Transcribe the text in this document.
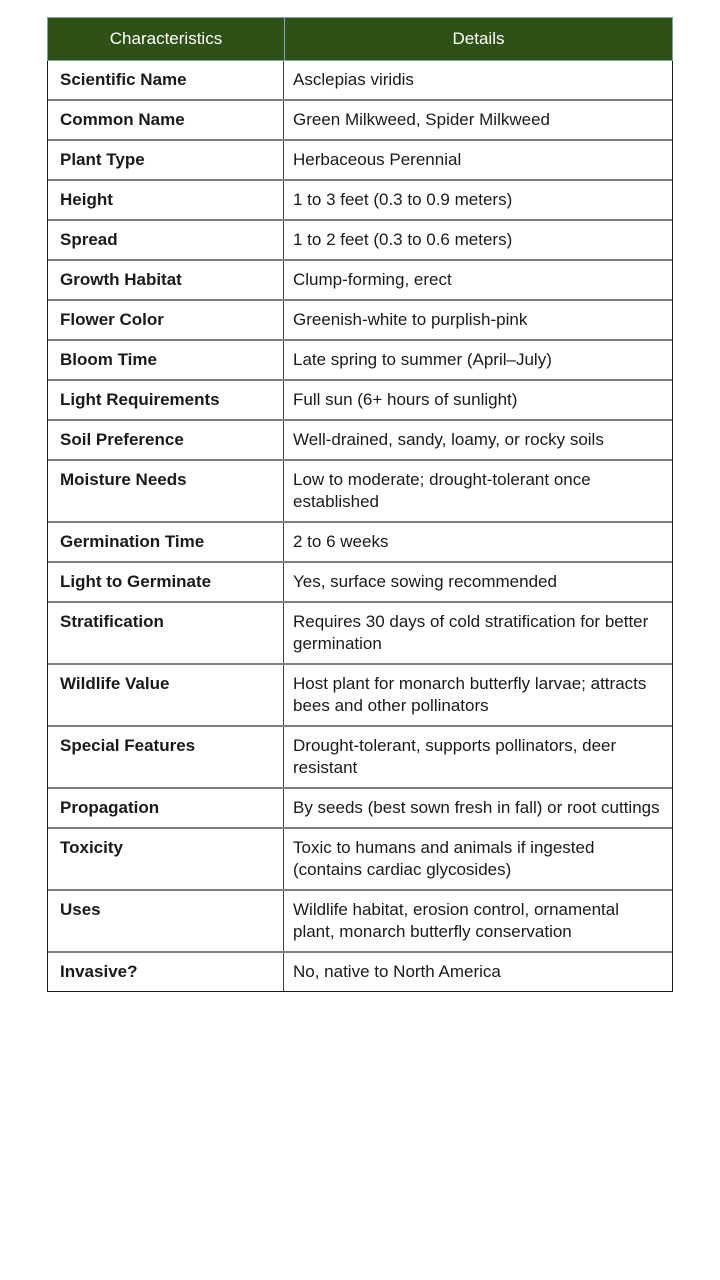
Characteristics	Details
Scientific Name	Asclepias viridis
Common Name	Green Milkweed, Spider Milkweed
Plant Type	Herbaceous Perennial
Height	1 to 3 feet (0.3 to 0.9 meters)
Spread	1 to 2 feet (0.3 to 0.6 meters)
Growth Habitat	Clump-forming, erect
Flower Color	Greenish-white to purplish-pink
Bloom Time	Late spring to summer (April–July)
Light Requirements	Full sun (6+ hours of sunlight)
Soil Preference	Well-drained, sandy, loamy, or rocky soils
Moisture Needs	Low to moderate; drought-tolerant once established
Germination Time	2 to 6 weeks
Light to Germinate	Yes, surface sowing recommended
Stratification	Requires 30 days of cold stratification for better germination
Wildlife Value	Host plant for monarch butterfly larvae; attracts bees and other pollinators
Special Features	Drought-tolerant, supports pollinators, deer resistant
Propagation	By seeds (best sown fresh in fall) or root cuttings
Toxicity	Toxic to humans and animals if ingested (contains cardiac glycosides)
Uses	Wildlife habitat, erosion control, ornamental plant, monarch butterfly conservation
Invasive?	No, native to North America
